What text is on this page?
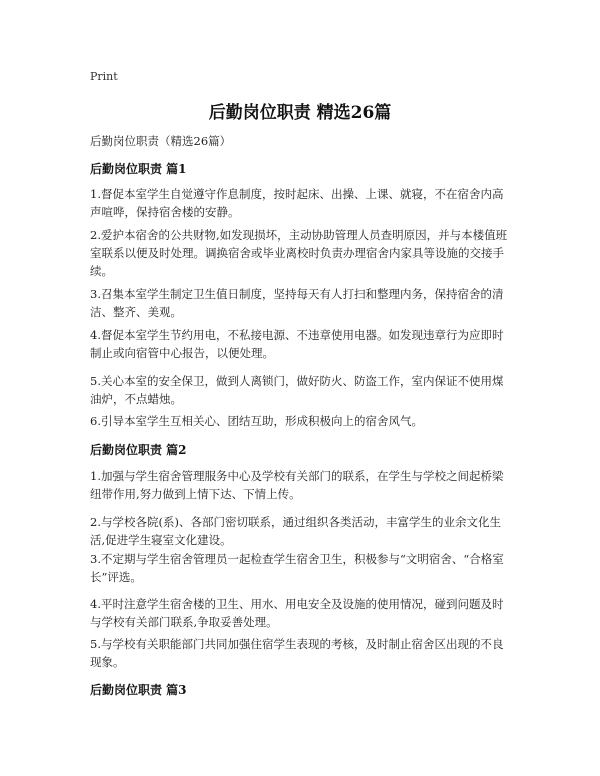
Print
后勤岗位职责 精选26篇
后勤岗位职责（精选26篇）
后勤岗位职责 篇1
1.督促本室学生自觉遵守作息制度，按时起床、出操、上课、就寝，不在宿舍内高
声喧哗，保持宿舍楼的安静。
2.爱护本宿舍的公共财物,如发现损坏，主动协助管理人员查明原因，并与本楼值班
室联系以便及时处理。调换宿舍或毕业离校时负责办理宿舍内家具等设施的交接手
续。
3.召集本室学生制定卫生值日制度，坚持每天有人打扫和整理内务，保持宿舍的清
洁、整齐、美观。
4.督促本室学生节约用电，不私接电源、不违章使用电器。如发现违章行为应即时
制止或向宿管中心报告，以便处理。
5.关心本室的安全保卫，做到人离锁门，做好防火、防盗工作，室内保证不使用煤
油炉，不点蜡烛。
6.引导本室学生互相关心、团结互助，形成积极向上的宿舍风气。
后勤岗位职责 篇2
1.加强与学生宿舍管理服务中心及学校有关部门的联系，在学生与学校之间起桥梁
纽带作用,努力做到上情下达、下情上传。
2.与学校各院(系)、各部门密切联系，通过组织各类活动，丰富学生的业余文化生
活,促进学生寝室文化建设。
3.不定期与学生宿舍管理员一起检查学生宿舍卫生，积极参与“文明宿舍、“合格室
长”评选。
4.平时注意学生宿舍楼的卫生、用水、用电安全及设施的使用情况，碰到问题及时
与学校有关部门联系,争取妥善处理。
5.与学校有关职能部门共同加强住宿学生表现的考核，及时制止宿舍区出现的不良
现象。
后勤岗位职责 篇3
